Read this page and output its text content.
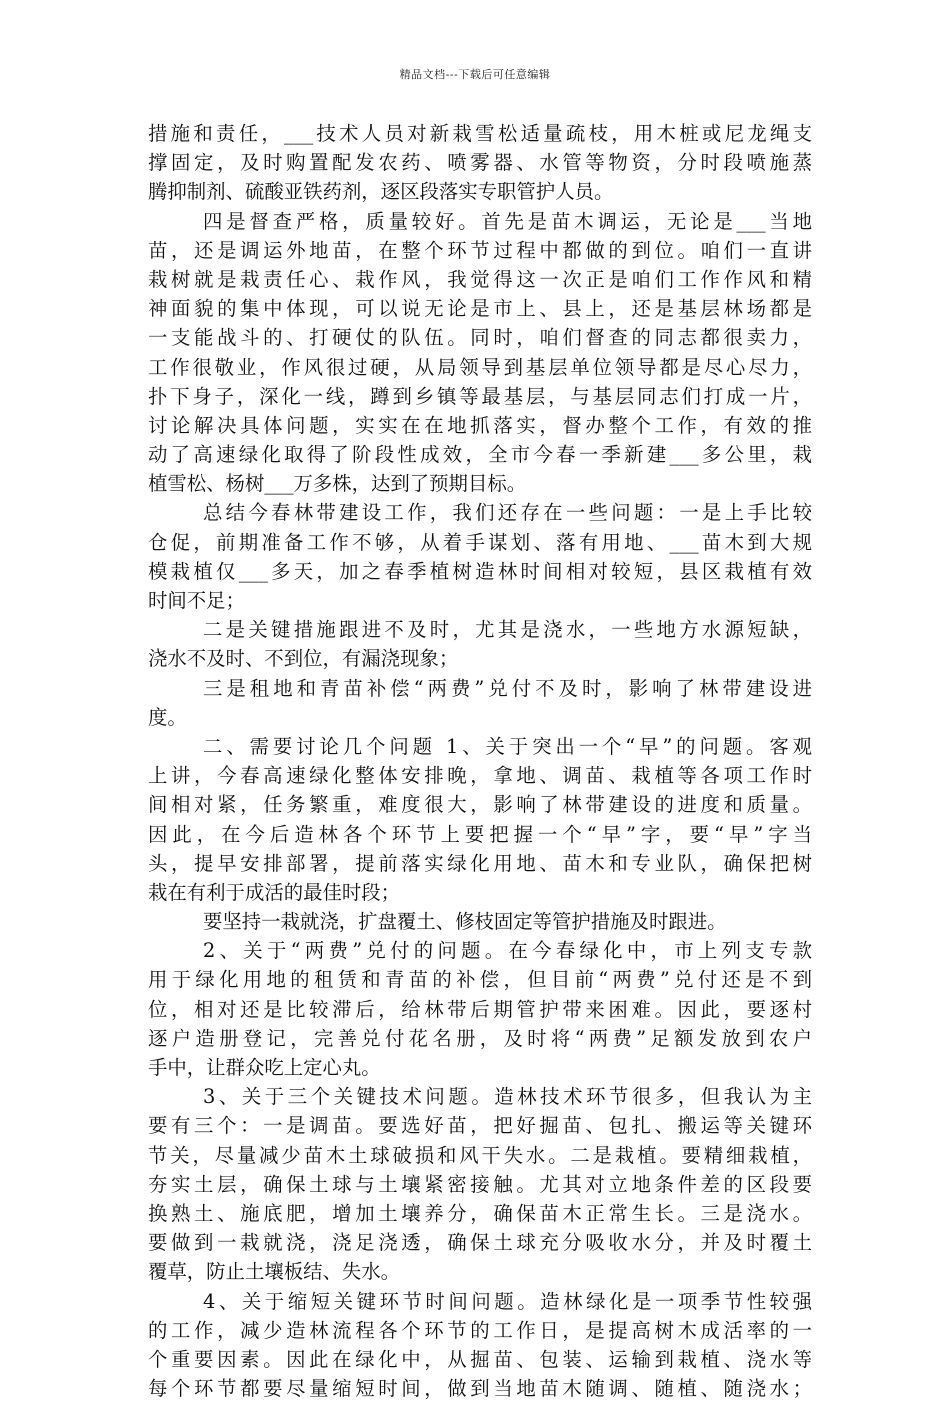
精品文档---下载后可任意编辑
措施和责任，___技术人员对新栽雪松适量疏枝，用木桩或尼龙绳支
撑固定，及时购置配发农药、喷雾器、水管等物资，分时段喷施蒸
腾抑制剂、硫酸亚铁药剂，逐区段落实专职管护人员。
四是督查严格，质量较好。首先是苗木调运，无论是___当地
苗，还是调运外地苗，在整个环节过程中都做的到位。咱们一直讲
栽树就是栽责任心、栽作风，我觉得这一次正是咱们工作作风和精
神面貌的集中体现，可以说无论是市上、县上，还是基层林场都是
一支能战斗的、打硬仗的队伍。同时，咱们督查的同志都很卖力，
工作很敬业，作风很过硬，从局领导到基层单位领导都是尽心尽力，
扑下身子，深化一线，蹲到乡镇等最基层，与基层同志们打成一片，
讨论解决具体问题，实实在在地抓落实，督办整个工作，有效的推
动了高速绿化取得了阶段性成效，全市今春一季新建___多公里，栽
植雪松、杨树___万多株，达到了预期目标。
总结今春林带建设工作，我们还存在一些问题：一是上手比较
仓促，前期准备工作不够，从着手谋划、落有用地、___苗木到大规
模栽植仅___多天，加之春季植树造林时间相对较短，县区栽植有效
时间不足；
二是关键措施跟进不及时，尤其是浇水，一些地方水源短缺，
浇水不及时、不到位，有漏浇现象；
三是租地和青苗补偿“两费”兑付不及时，影响了林带建设进
度。
二、需要讨论几个问题 1、关于突出一个“早”的问题。客观
上讲，今春高速绿化整体安排晚，拿地、调苗、栽植等各项工作时
间相对紧，任务繁重，难度很大，影响了林带建设的进度和质量。
因此，在今后造林各个环节上要把握一个“早”字，要“早”字当
头，提早安排部署，提前落实绿化用地、苗木和专业队，确保把树
栽在有利于成活的最佳时段；
要坚持一栽就浇，扩盘覆土、修枝固定等管护措施及时跟进。
2、关于“两费”兑付的问题。在今春绿化中，市上列支专款
用于绿化用地的租赁和青苗的补偿，但目前“两费”兑付还是不到
位，相对还是比较滞后，给林带后期管护带来困难。因此，要逐村
逐户造册登记，完善兑付花名册，及时将“两费”足额发放到农户
手中，让群众吃上定心丸。
3、关于三个关键技术问题。造林技术环节很多，但我认为主
要有三个：一是调苗。要选好苗，把好掘苗、包扎、搬运等关键环
节关，尽量减少苗木土球破损和风干失水。二是栽植。要精细栽植，
夯实土层，确保土球与土壤紧密接触。尤其对立地条件差的区段要
换熟土、施底肥，增加土壤养分，确保苗木正常生长。三是浇水。
要做到一栽就浇，浇足浇透，确保土球充分吸收水分，并及时覆土
覆草，防止土壤板结、失水。
4、关于缩短关键环节时间问题。造林绿化是一项季节性较强
的工作，减少造林流程各个环节的工作日，是提高树木成活率的一
个重要因素。因此在绿化中，从掘苗、包装、运输到栽植、浇水等
每个环节都要尽量缩短时间，做到当地苗木随调、随植、随浇水；
